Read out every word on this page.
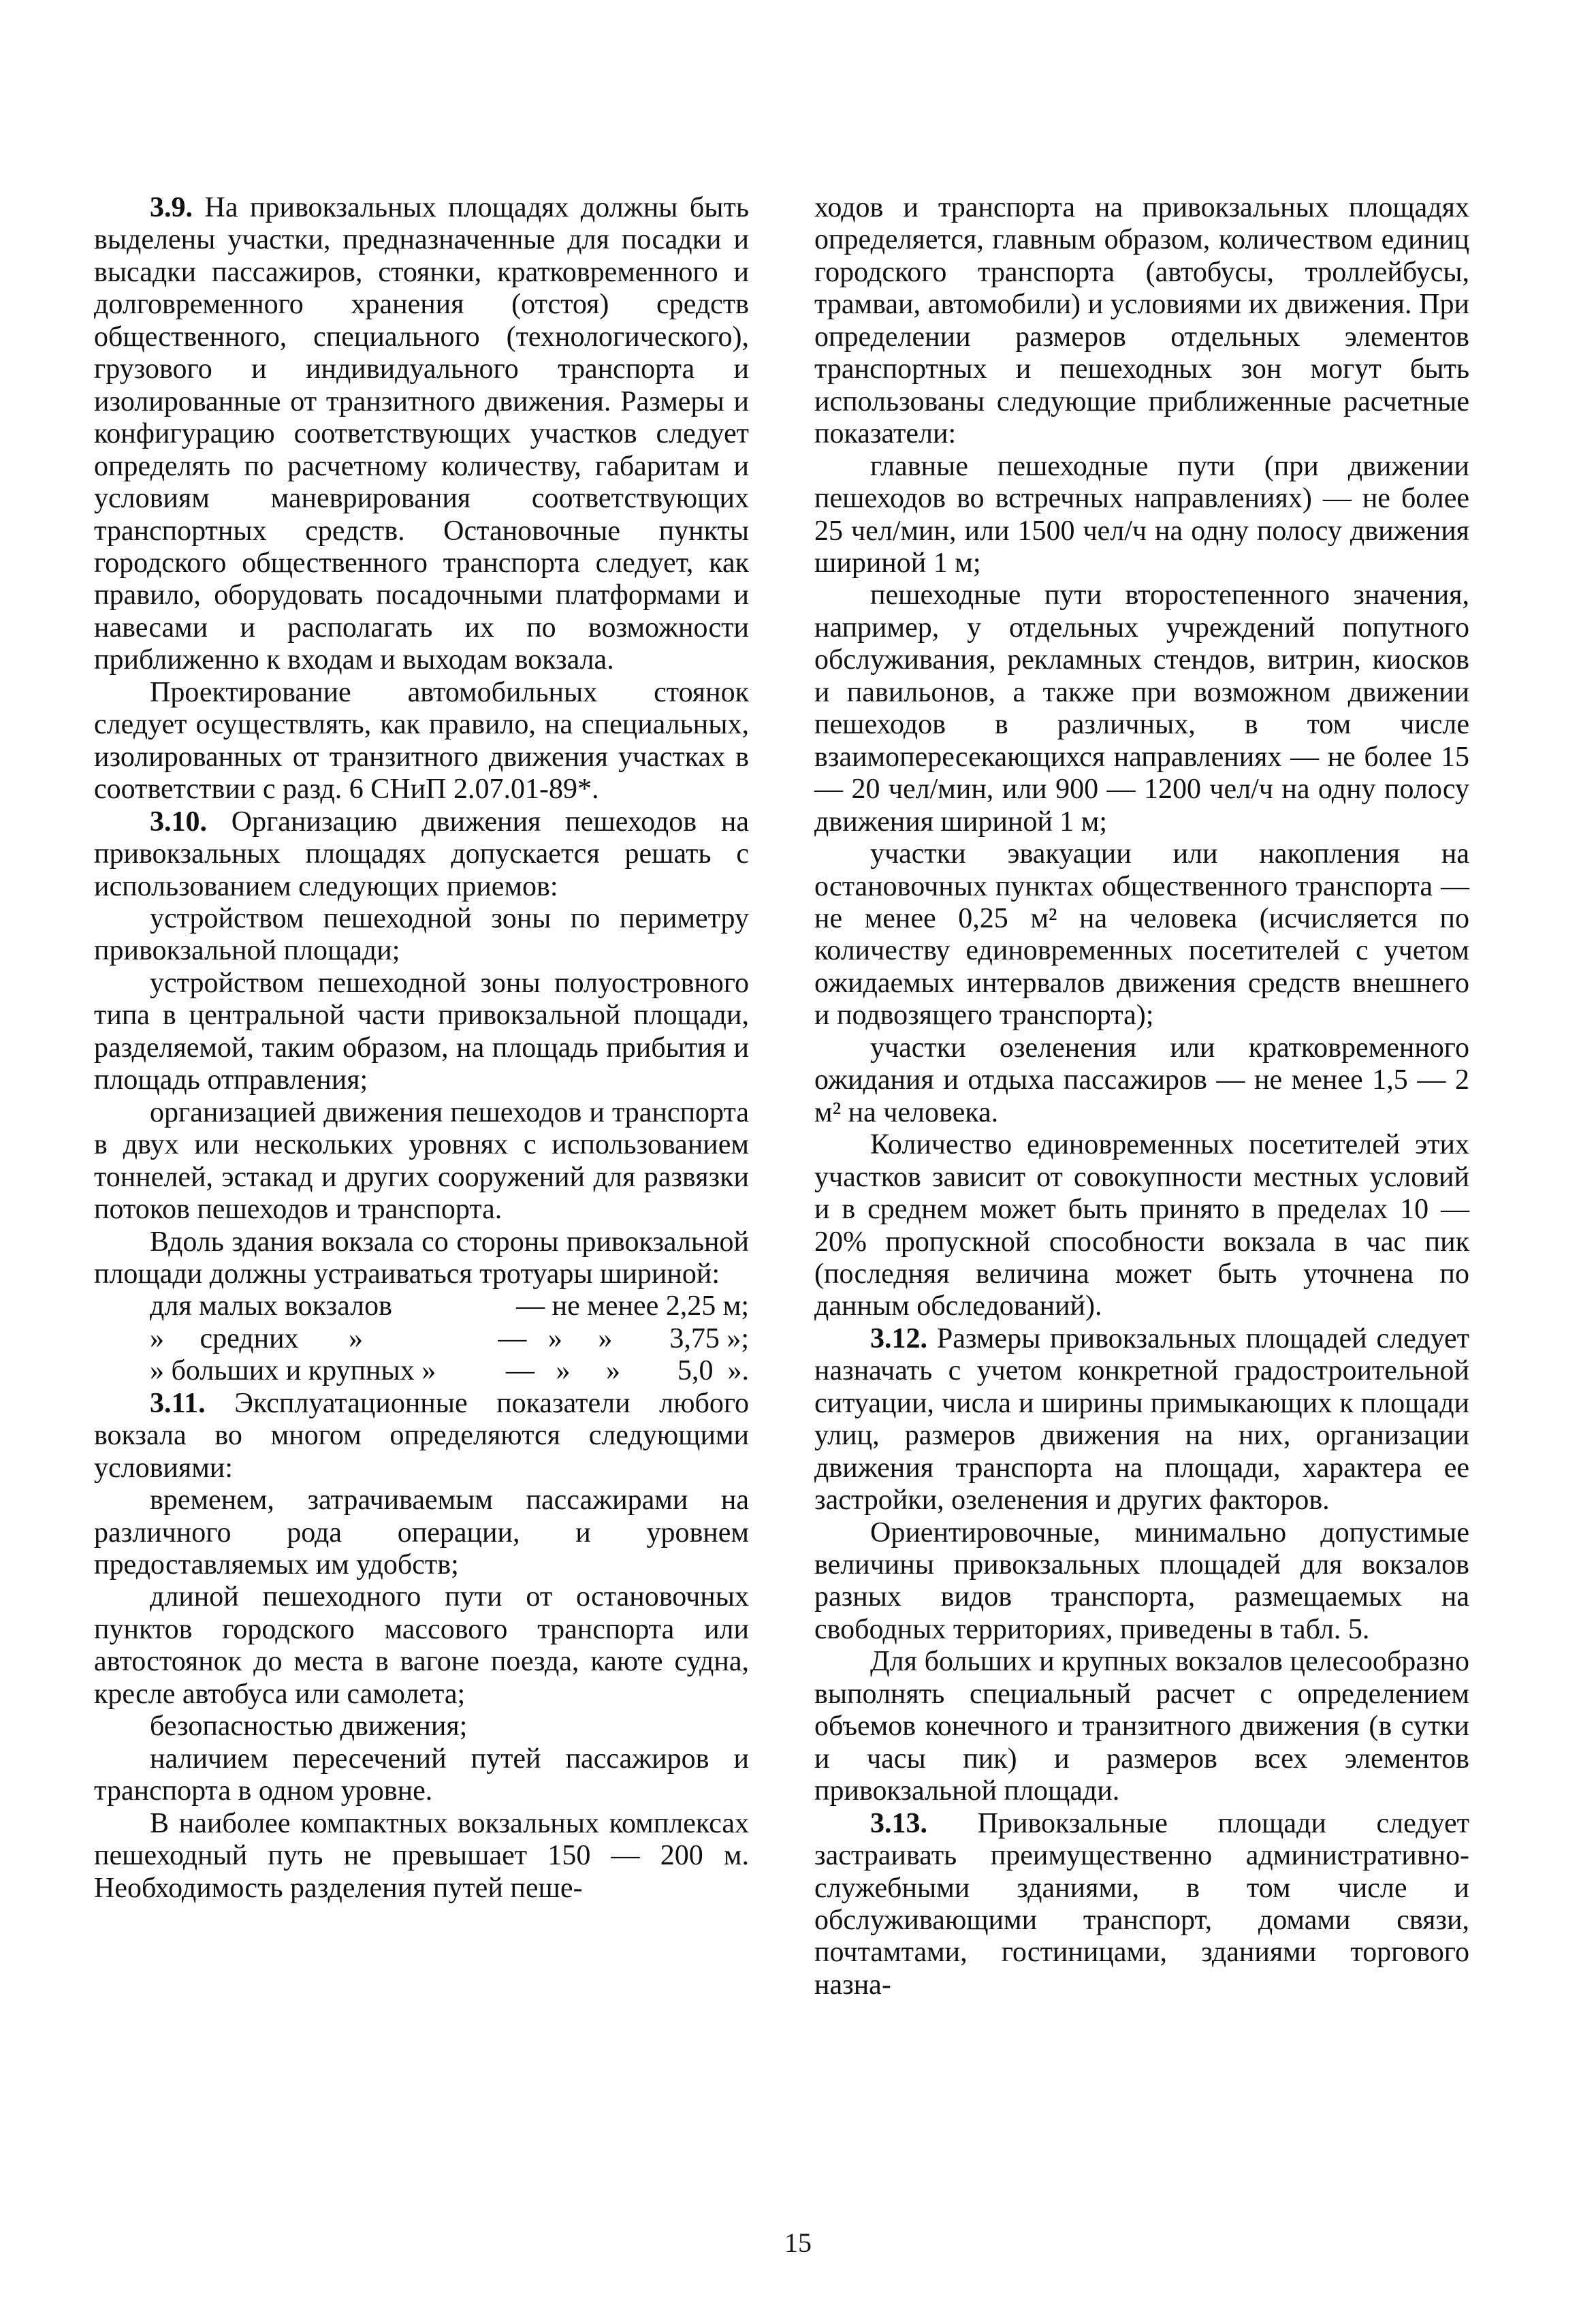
3.9. На привокзальных площадях должны быть выделены участки, предназначенные для посадки и высадки пассажиров, стоянки, кратковременного и долговременного хранения (отстоя) средств общественного, специального (технологического), грузового и индивидуального транспорта и изолированные от транзитного движения. Размеры и конфигурацию соответствующих участков следует определять по расчетному количеству, габаритам и условиям маневрирования соответствующих транспортных средств. Остановочные пункты городского общественного транспорта следует, как правило, оборудовать посадочными платформами и навесами и располагать их по возможности приближенно к входам и выходам вокзала.

Проектирование автомобильных стоянок следует осуществлять, как правило, на специальных, изолированных от транзитного движения участках в соответствии с разд. 6 СНиП 2.07.01-89*.

3.10. Организацию движения пешеходов на привокзальных площадях допускается решать с использованием следующих приемов:

устройством пешеходной зоны по периметру привокзальной площади;

устройством пешеходной зоны полуостровного типа в центральной части привокзальной площади, разделяемой, таким образом, на площадь прибытия и площадь отправления;

организацией движения пешеходов и транспорта в двух или нескольких уровнях с использованием тоннелей, эстакад и других сооружений для развязки потоков пешеходов и транспорта.

Вдоль здания вокзала со стороны привокзальной площади должны устраиваться тротуары шириной:

для малых вокзалов	— не менее 2,25 м;
»     средних       »	—   »     »        3,75 »;
» больших и крупных » —   »     »        5,0  ».

3.11. Эксплуатационные показатели любого вокзала во многом определяются следующими условиями:

временем, затрачиваемым пассажирами на различного рода операции, и уровнем предоставляемых им удобств;

длиной пешеходного пути от остановочных пунктов городского массового транспорта или автостоянок до места в вагоне поезда, каюте судна, кресле автобуса или самолета;

безопасностью движения;

наличием пересечений путей пассажиров и транспорта в одном уровне.

В наиболее компактных вокзальных комплексах пешеходный путь не превышает 150 — 200 м. Необходимость разделения путей пеше-

ходов и транспорта на привокзальных площадях определяется, главным образом, количеством единиц городского транспорта (автобусы, троллейбусы, трамваи, автомобили) и условиями их движения. При определении размеров отдельных элементов транспортных и пешеходных зон могут быть использованы следующие приближенные расчетные показатели:

главные пешеходные пути (при движении пешеходов во встречных направлениях) — не более 25 чел/мин, или 1500 чел/ч на одну полосу движения шириной 1 м;

пешеходные пути второстепенного значения, например, у отдельных учреждений попутного обслуживания, рекламных стендов, витрин, киосков и павильонов, а также при возможном движении пешеходов в различных, в том числе взаимопересекающихся направлениях — не более 15 — 20 чел/мин, или 900 — 1200 чел/ч на одну полосу движения шириной 1 м;

участки эвакуации или накопления на остановочных пунктах общественного транспорта — не менее 0,25 м² на человека (исчисляется по количеству единовременных посетителей с учетом ожидаемых интервалов движения средств внешнего и подвозящего транспорта);

участки озеленения или кратковременного ожидания и отдыха пассажиров — не менее 1,5 — 2 м² на человека.

Количество единовременных посетителей этих участков зависит от совокупности местных условий и в среднем может быть принято в пределах 10 — 20% пропускной способности вокзала в час пик (последняя величина может быть уточнена по данным обследований).

3.12. Размеры привокзальных площадей следует назначать с учетом конкретной градостроительной ситуации, числа и ширины примыкающих к площади улиц, размеров движения на них, организации движения транспорта на площади, характера ее застройки, озеленения и других факторов.

Ориентировочные, минимально допустимые величины привокзальных площадей для вокзалов разных видов транспорта, размещаемых на свободных территориях, приведены в табл. 5.

Для больших и крупных вокзалов целесообразно выполнять специальный расчет с определением объемов конечного и транзитного движения (в сутки и часы пик) и размеров всех элементов привокзальной площади.

3.13. Привокзальные площади следует застраивать преимущественно административно-служебными зданиями, в том числе и обслуживающими транспорт, домами связи, почтамтами, гостиницами, зданиями торгового назна-

15
